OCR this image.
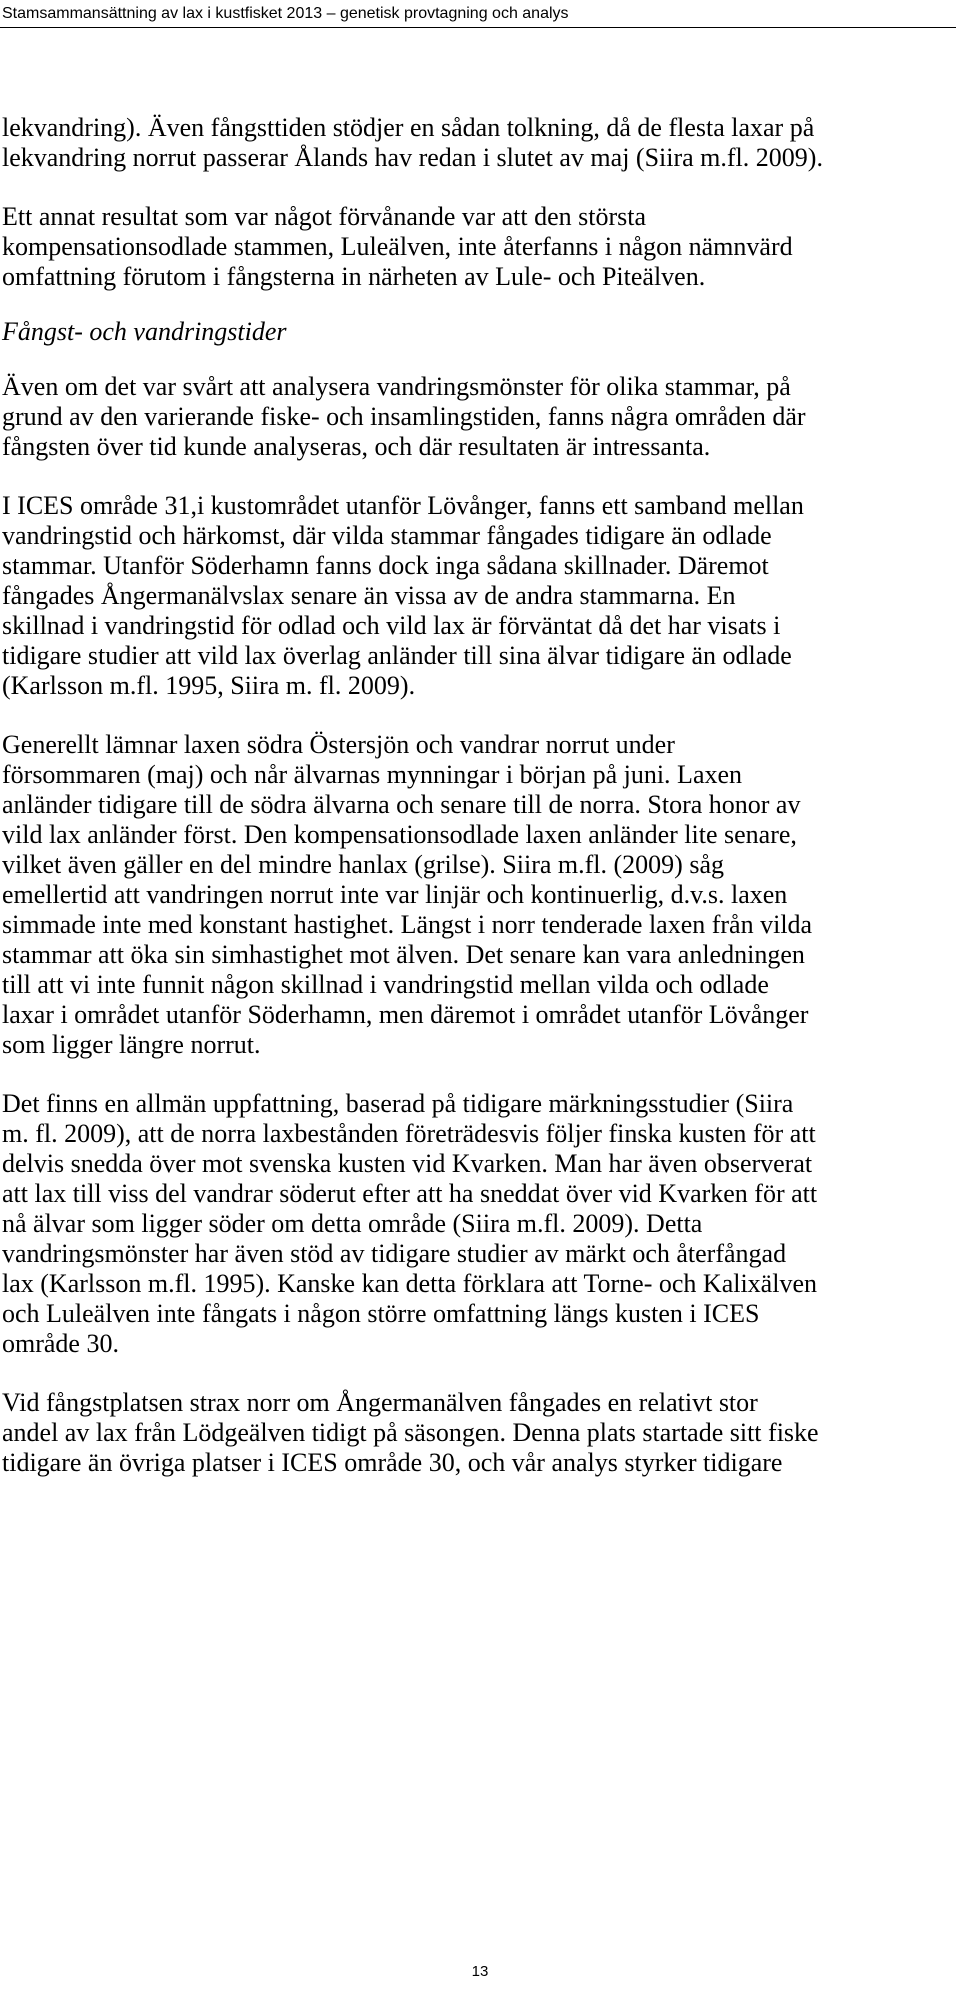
Stamsammansättning av lax i kustfisket 2013 – genetisk provtagning och analys
lekvandring). Även fångsttiden stödjer en sådan tolkning, då de flesta laxar på
lekvandring norrut passerar Ålands hav redan i slutet av maj (Siira m.fl. 2009).
Ett annat resultat som var något förvånande var att den största
kompensationsodlade stammen, Luleälven, inte återfanns i någon nämnvärd
omfattning förutom i fångsterna in närheten av Lule- och Piteälven.
Fångst- och vandringstider
Även om det var svårt att analysera vandringsmönster för olika stammar, på
grund av den varierande fiske- och insamlingstiden, fanns några områden där
fångsten över tid kunde analyseras, och där resultaten är intressanta.
I ICES område 31,i kustområdet utanför Lövånger, fanns ett samband mellan
vandringstid och härkomst, där vilda stammar fångades tidigare än odlade
stammar. Utanför Söderhamn fanns dock inga sådana skillnader. Däremot
fångades Ångermanälvslax senare än vissa av de andra stammarna. En
skillnad i vandringstid för odlad och vild lax är förväntat då det har visats i
tidigare studier att vild lax överlag anländer till sina älvar tidigare än odlade
(Karlsson m.fl. 1995, Siira m. fl. 2009).
Generellt lämnar laxen södra Östersjön och vandrar norrut under
försommaren (maj) och når älvarnas mynningar i början på juni. Laxen
anländer tidigare till de södra älvarna och senare till de norra. Stora honor av
vild lax anländer först. Den kompensationsodlade laxen anländer lite senare,
vilket även gäller en del mindre hanlax (grilse). Siira m.fl. (2009) såg
emellertid att vandringen norrut inte var linjär och kontinuerlig, d.v.s. laxen
simmade inte med konstant hastighet. Längst i norr tenderade laxen från vilda
stammar att öka sin simhastighet mot älven. Det senare kan vara anledningen
till att vi inte funnit någon skillnad i vandringstid mellan vilda och odlade
laxar i området utanför Söderhamn, men däremot i området utanför Lövånger
som ligger längre norrut.
Det finns en allmän uppfattning, baserad på tidigare märkningsstudier (Siira
m. fl. 2009), att de norra laxbestånden företrädesvis följer finska kusten för att
delvis snedda över mot svenska kusten vid Kvarken. Man har även observerat
att lax till viss del vandrar söderut efter att ha sneddat över vid Kvarken för att
nå älvar som ligger söder om detta område (Siira m.fl. 2009). Detta
vandringsmönster har även stöd av tidigare studier av märkt och återfångad
lax (Karlsson m.fl. 1995). Kanske kan detta förklara att Torne- och Kalixälven
och Luleälven inte fångats i någon större omfattning längs kusten i ICES
område 30.
Vid fångstplatsen strax norr om Ångermanälven fångades en relativt stor
andel av lax från Lödgeälven tidigt på säsongen. Denna plats startade sitt fiske
tidigare än övriga platser i ICES område 30, och vår analys styrker tidigare
13
